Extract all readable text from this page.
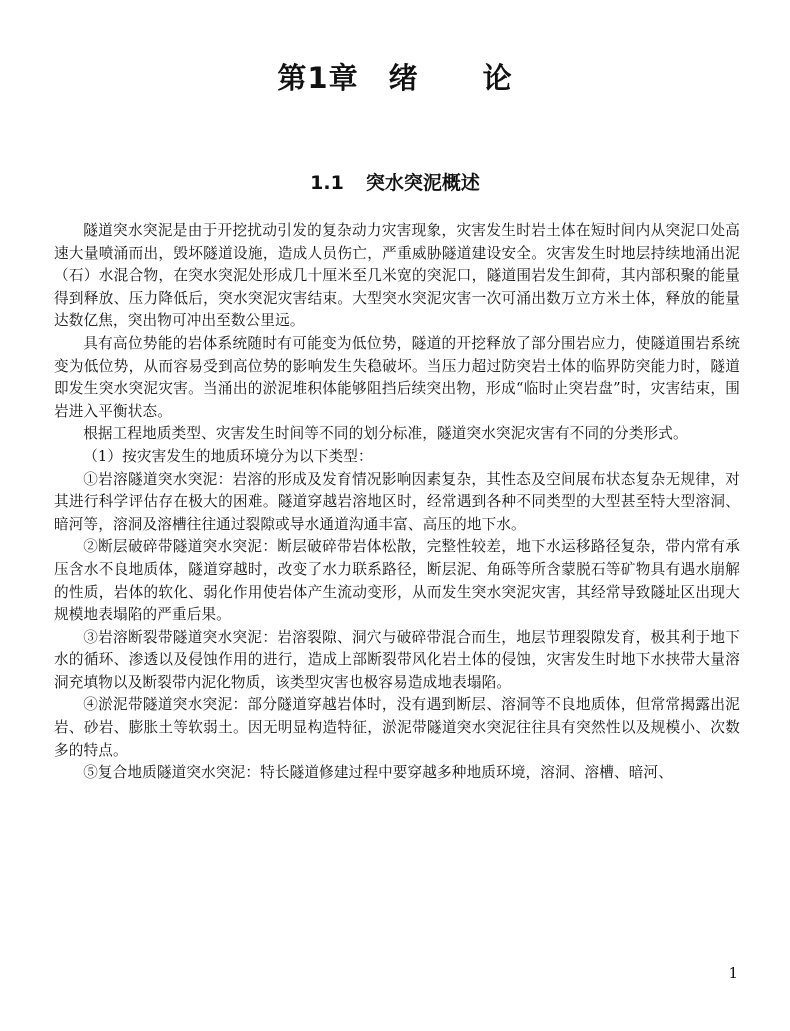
第1章 绪 论
1.1 突水突泥概述

隧道突水突泥是由于开挖扰动引发的复杂动力灾害现象，灾害发生时岩土体在短时间内从突泥口处高速大量喷涌而出，毁坏隧道设施，造成人员伤亡，严重威胁隧道建设安全。灾害发生时地层持续地涌出泥（石）水混合物，在突水突泥处形成几十厘米至几米宽的突泥口，隧道围岩发生卸荷，其内部积聚的能量得到释放、压力降低后，突水突泥灾害结束。大型突水突泥灾害一次可涌出数万立方米土体，释放的能量达数亿焦，突出物可冲出至数公里远。

具有高位势能的岩体系统随时有可能变为低位势，隧道的开挖释放了部分围岩应力，使隧道围岩系统变为低位势，从而容易受到高位势的影响发生失稳破坏。当压力超过防突岩土体的临界防突能力时，隧道即发生突水突泥灾害。当涌出的淤泥堆积体能够阻挡后续突出物，形成“临时止突岩盘”时，灾害结束，围岩进入平衡状态。

根据工程地质类型、灾害发生时间等不同的划分标准，隧道突水突泥灾害有不同的分类形式。

（1）按灾害发生的地质环境分为以下类型：

①岩溶隧道突水突泥：岩溶的形成及发育情况影响因素复杂，其性态及空间展布状态复杂无规律，对其进行科学评估存在极大的困难。隧道穿越岩溶地区时，经常遇到各种不同类型的大型甚至特大型溶洞、暗河等，溶洞及溶槽往往通过裂隙或导水通道沟通丰富、高压的地下水。

②断层破碎带隧道突水突泥：断层破碎带岩体松散，完整性较差，地下水运移路径复杂，带内常有承压含水不良地质体，隧道穿越时，改变了水力联系路径，断层泥、角砾等所含蒙脱石等矿物具有遇水崩解的性质，岩体的软化、弱化作用使岩体产生流动变形，从而发生突水突泥灾害，其经常导致隧址区出现大规模地表塌陷的严重后果。

③岩溶断裂带隧道突水突泥：岩溶裂隙、洞穴与破碎带混合而生，地层节理裂隙发育，极其利于地下水的循环、渗透以及侵蚀作用的进行，造成上部断裂带风化岩土体的侵蚀，灾害发生时地下水挟带大量溶洞充填物以及断裂带内泥化物质，该类型灾害也极容易造成地表塌陷。

④淤泥带隧道突水突泥：部分隧道穿越岩体时，没有遇到断层、溶洞等不良地质体，但常常揭露出泥岩、砂岩、膨胀土等软弱土。因无明显构造特征，淤泥带隧道突水突泥往往具有突然性以及规模小、次数多的特点。

⑤复合地质隧道突水突泥：特长隧道修建过程中要穿越多种地质环境，溶洞、溶槽、暗河、

1
